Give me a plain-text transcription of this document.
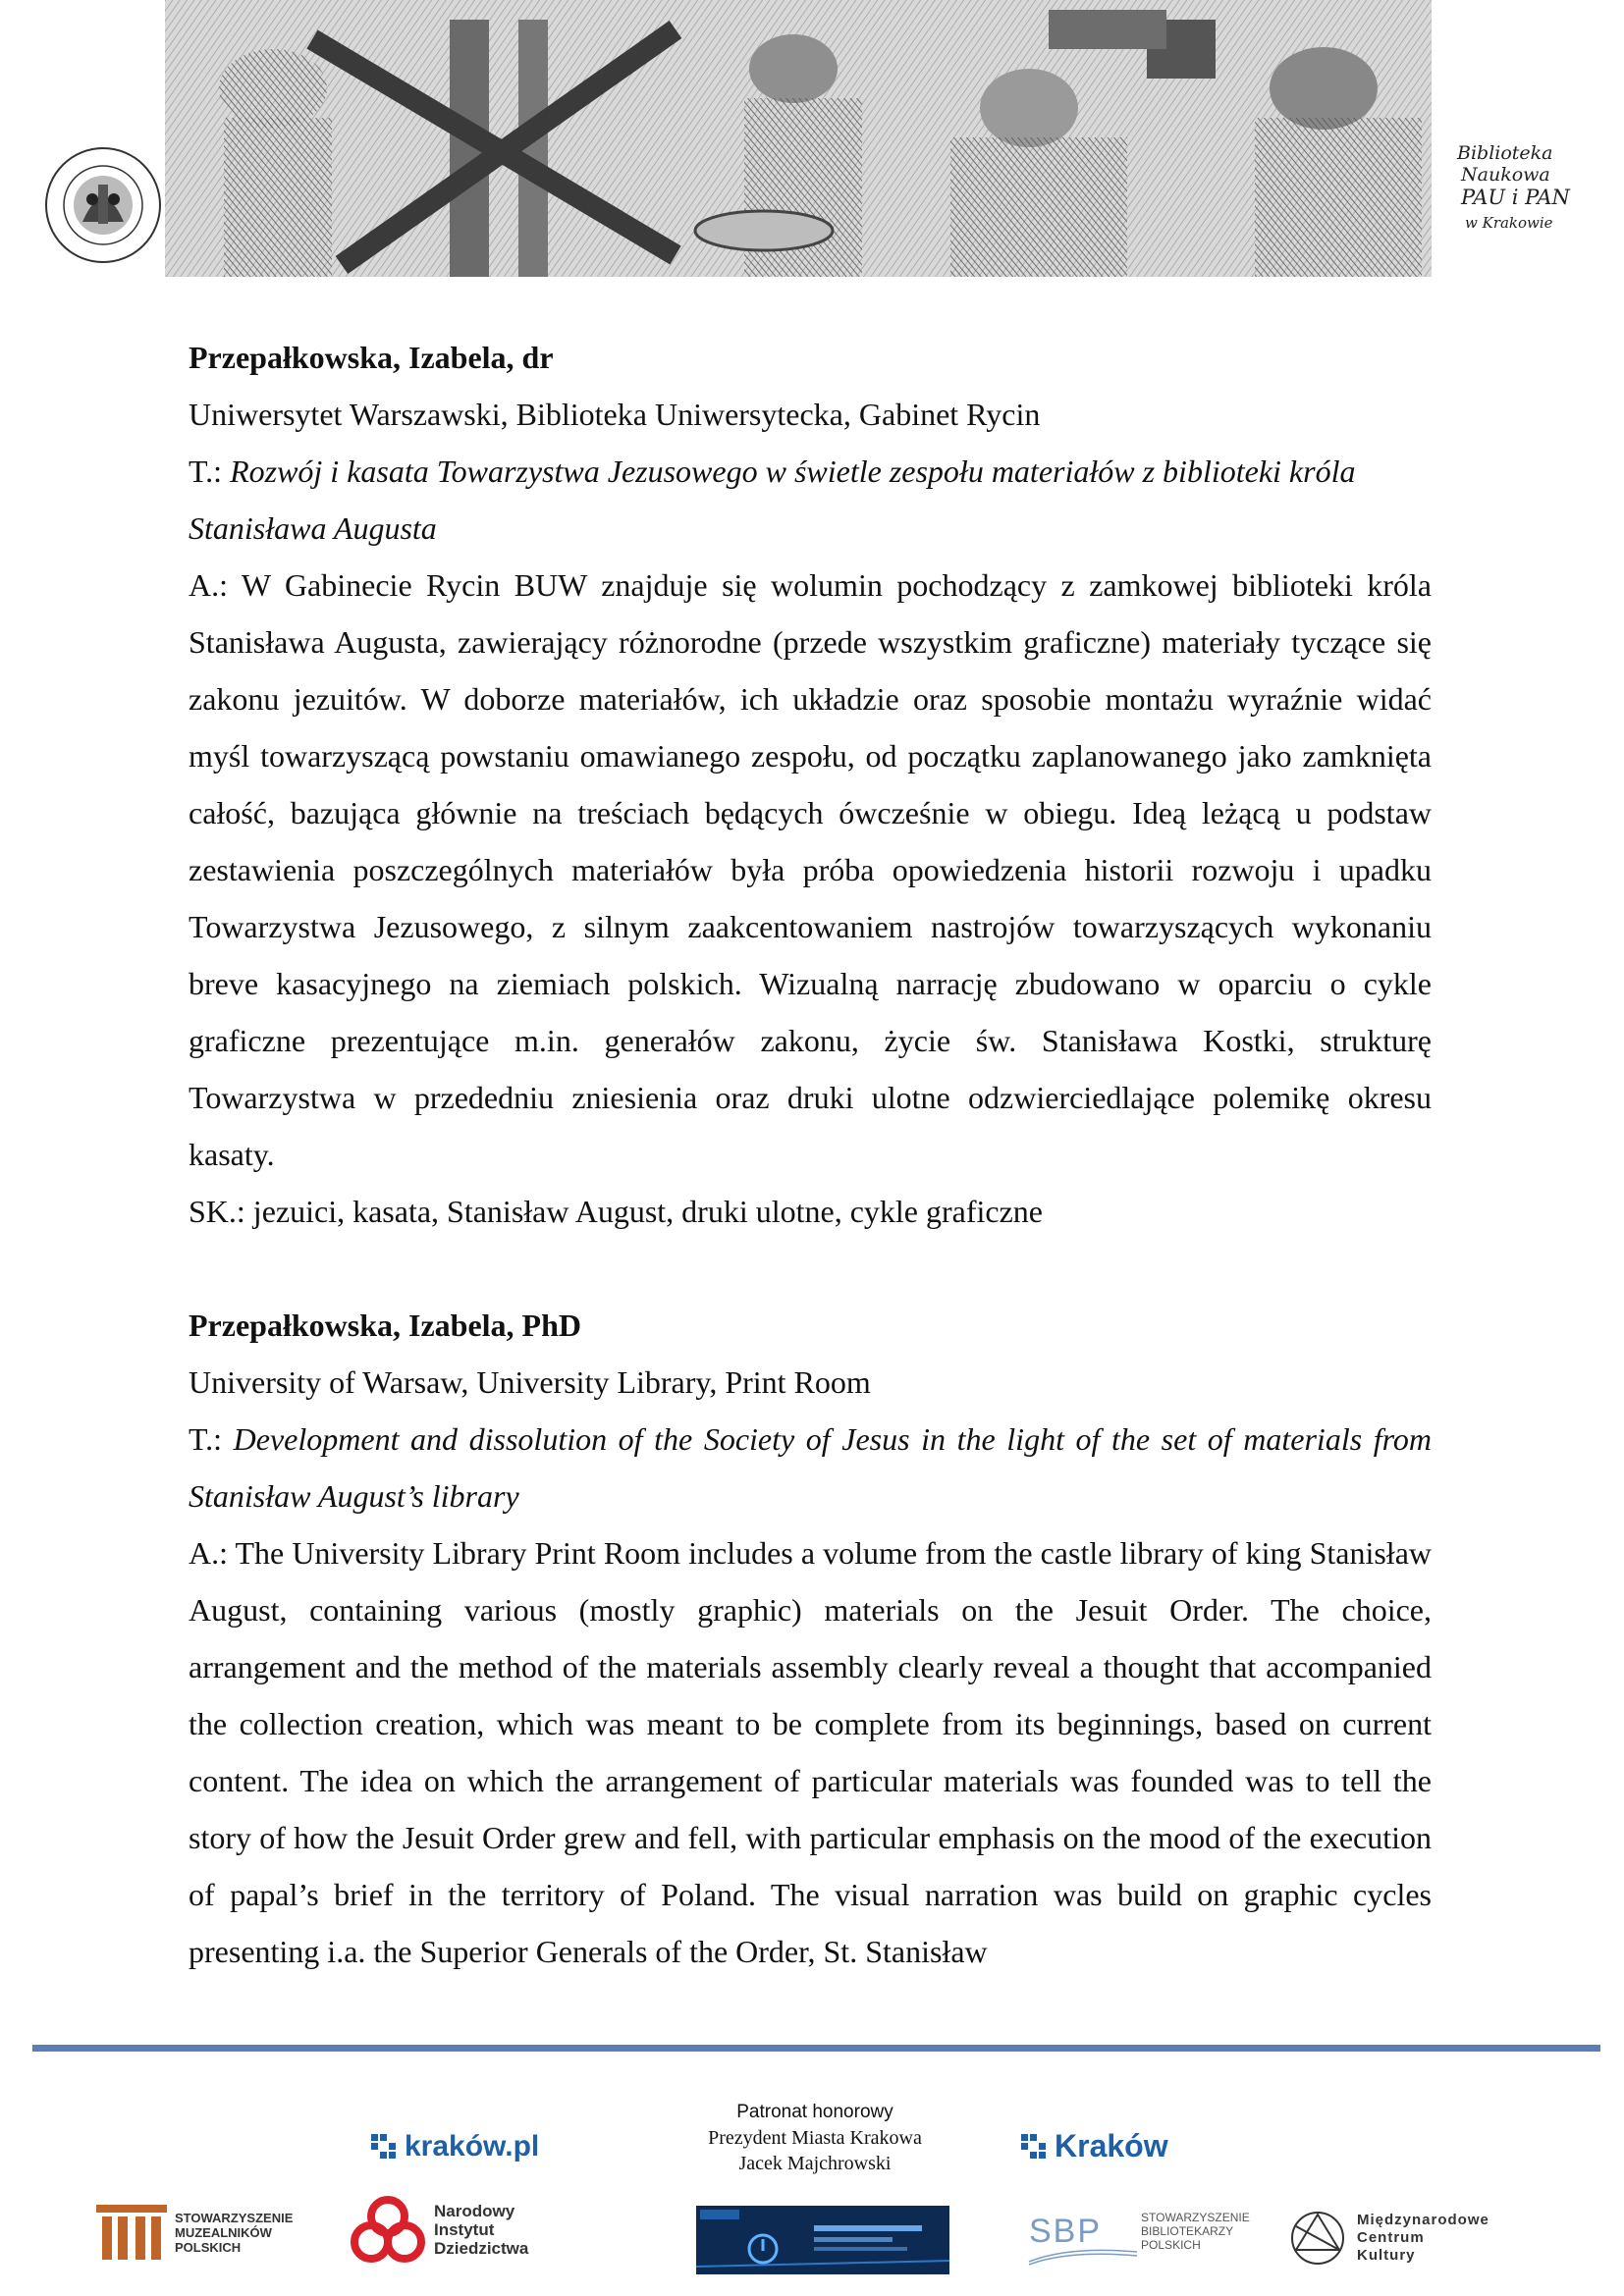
Biblioteka
Naukowa
PAU i PAN
w Krakowie

Przepałkowska, Izabela, dr

Uniwersytet Warszawski, Biblioteka Uniwersytecka, Gabinet Rycin

T.: Rozwój i kasata Towarzystwa Jezusowego w świetle zespołu materiałów z biblioteki króla Stanisława Augusta

A.: W Gabinecie Rycin BUW znajduje się wolumin pochodzący z zamkowej biblioteki króla Stanisława Augusta, zawierający różnorodne (przede wszystkim graficzne) materiały tyczące się zakonu jezuitów. W doborze materiałów, ich układzie oraz sposobie montażu wyraźnie widać myśl towarzyszącą powstaniu omawianego zespołu, od początku zaplanowanego jako zamknięta całość, bazująca głównie na treściach będących ówcześnie w obiegu. Ideą leżącą u podstaw zestawienia poszczególnych materiałów była próba opowiedzenia historii rozwoju i upadku Towarzystwa Jezusowego, z silnym zaakcentowaniem nastrojów towarzyszących wykonaniu breve kasacyjnego na ziemiach polskich. Wizualną narrację zbudowano w oparciu o cykle graficzne prezentujące m.in. generałów zakonu, życie św. Stanisława Kostki, strukturę Towarzystwa w przededniu zniesienia oraz druki ulotne odzwierciedlające polemikę okresu kasaty.

SK.: jezuici, kasata, Stanisław August, druki ulotne, cykle graficzne

Przepałkowska, Izabela, PhD

University of Warsaw, University Library, Print Room

T.: Development and dissolution of the Society of Jesus in the light of the set of materials from Stanisław August’s library

A.: The University Library Print Room includes a volume from the castle library of king Stanisław August, containing various (mostly graphic) materials on the Jesuit Order. The choice, arrangement and the method of the materials assembly clearly reveal a thought that accompanied the collection creation, which was meant to be complete from its beginnings, based on current content. The idea on which the arrangement of particular materials was founded was to tell the story of how the Jesuit Order grew and fell, with particular emphasis on the mood of the execution of papal’s brief in the territory of Poland. The visual narration was build on graphic cycles presenting i.a. the Superior Generals of the Order, St. Stanisław

Patronat honorowy
Prezydent Miasta Krakowa
Jacek Majchrowski
kraków.pl	Kraków
STOWARZYSZENIE MUZEALNIKÓW POLSKICH
Narodowy
Instytut
Dziedzictwa	SBP	STOWARZYSZENIE
BIBLIOTEKARZY
POLSKICH
Międzynarodowe
Centrum
Kultury
